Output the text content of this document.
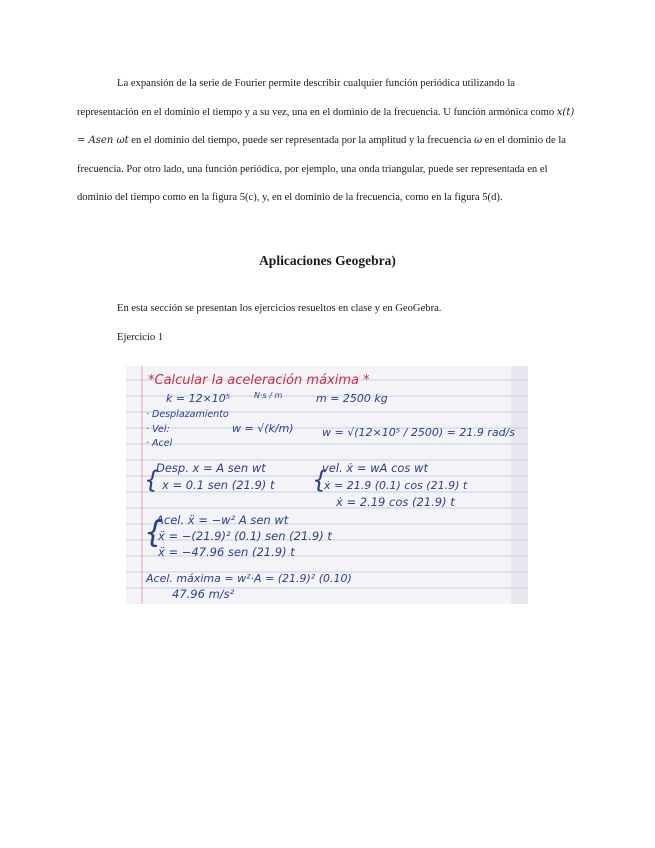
La expansión de la serie de Fourier permite describir cualquier función periódica utilizando la representación en el dominio el tiempo y a su vez, una en el dominio de la frecuencia. U función armónica como x(t) = Asen ωt en el dominio del tiempo, puede ser representada por la amplitud y la frecuencia ω en el dominio de la frecuencia. Por otro lado, una función periódica, por ejemplo, una onda triangular, puede ser representada en el dominio del tiempo como en la figura 5(c), y, en el dominio de la frecuencia, como en la figura 5(d).

Aplicaciones Geogebra)
En esta sección se presentan los ejercicios resueltos en clase y en GeoGebra.
Ejercicio 1
*Calcular la aceleración máxima *
k = 12×10⁵	N·s / m	m = 2500 kg
· Desplazamiento
· Vel:
· Acel
w = √(k/m)	w = √(12×10⁵ / 2500) = 21.9 rad/s
{
Desp. x = A sen wt
x = 0.1 sen (21.9) t {
vel. ẋ = wA cos wt
ẋ = 21.9 (0.1) cos (21.9) t
ẋ = 2.19 cos (21.9) t
{
Acel. ẍ = −w² A sen wt
ẍ = −(21.9)² (0.1) sen (21.9) t
ẍ = −47.96 sen (21.9) t
Acel. máxima = w²·A = (21.9)² (0.10)
47.96 m/s²
